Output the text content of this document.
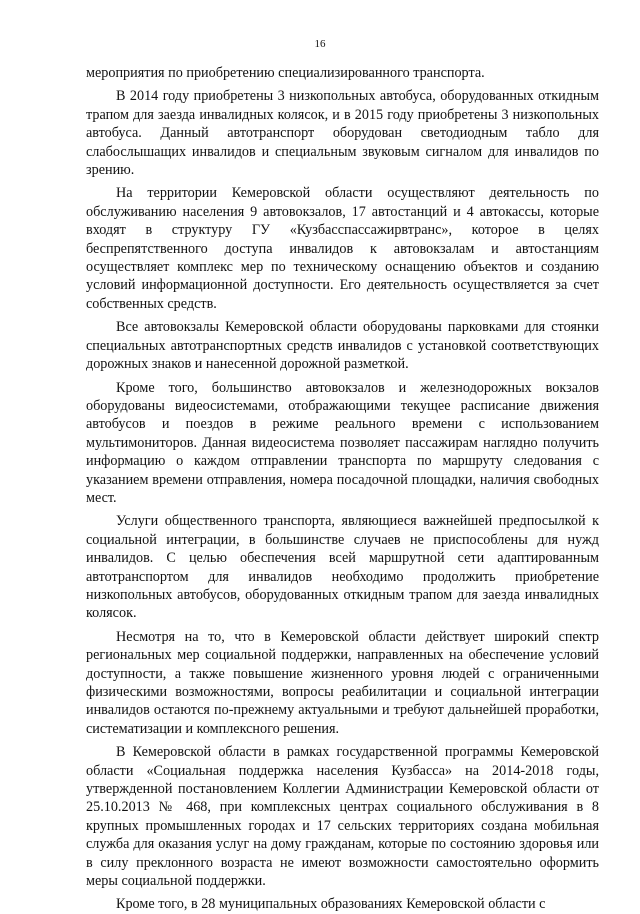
16

мероприятия по приобретению специализированного транспорта.

В 2014 году приобретены 3 низкопольных автобуса, оборудованных откидным трапом для заезда инвалидных колясок, и в 2015 году приобретены 3 низкопольных автобуса. Данный автотранспорт оборудован светодиодным табло для слабослышащих инвалидов и специальным звуковым сигналом для инвалидов по зрению.

На территории Кемеровской области осуществляют деятельность по обслуживанию населения 9 автовокзалов, 17 автостанций и 4 автокассы, которые входят в структуру ГУ «Кузбасспассажирвтранс», которое в целях беспрепятственного доступа инвалидов к автовокзалам и автостанциям осуществляет комплекс мер по техническому оснащению объектов и созданию условий информационной доступности. Его деятельность осуществляется за счет собственных средств.

Все автовокзалы Кемеровской области оборудованы парковками для стоянки специальных автотранспортных средств инвалидов с установкой соответствующих дорожных знаков и нанесенной дорожной разметкой.

Кроме того, большинство автовокзалов и железнодорожных вокзалов оборудованы видеосистемами, отображающими текущее расписание движения автобусов и поездов в режиме реального времени с использованием мультимониторов. Данная видеосистема позволяет пассажирам наглядно получить информацию о каждом отправлении транспорта по маршруту следования с указанием времени отправления, номера посадочной площадки, наличия свободных мест.

Услуги общественного транспорта, являющиеся важнейшей предпосылкой к социальной интеграции, в большинстве случаев не приспособлены для нужд инвалидов. С целью обеспечения всей маршрутной сети адаптированным автотранспортом для инвалидов необходимо продолжить приобретение низкопольных автобусов, оборудованных откидным трапом для заезда инвалидных колясок.

Несмотря на то, что в Кемеровской области действует широкий спектр региональных мер социальной поддержки, направленных на обеспечение условий доступности, а также повышение жизненного уровня людей с ограниченными физическими возможностями, вопросы реабилитации и социальной интеграции инвалидов остаются по-прежнему актуальными и требуют дальнейшей проработки, систематизации и комплексного решения.

В Кемеровской области в рамках государственной программы Кемеровской области «Социальная поддержка населения Кузбасса» на 2014-2018 годы, утвержденной постановлением Коллегии Администрации Кемеровской области от 25.10.2013 № 468, при комплексных центрах социального обслуживания в 8 крупных промышленных городах и 17 сельских территориях создана мобильная служба для оказания услуг на дому гражданам, которые по состоянию здоровья или в силу преклонного возраста не имеют возможности самостоятельно оформить меры социальной поддержки.

Кроме того, в 28 муниципальных образованиях Кемеровской области с
